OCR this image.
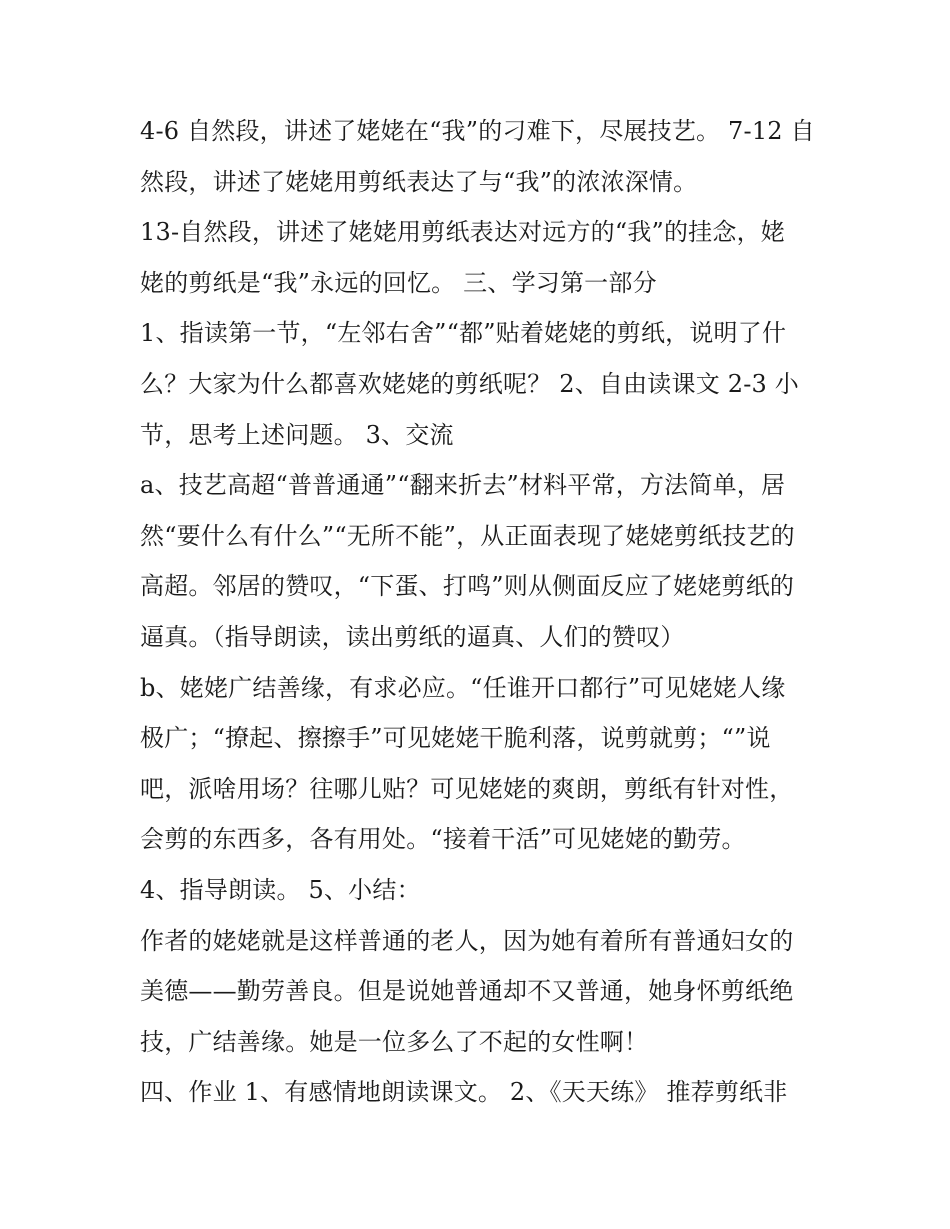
4-6 自然段，讲述了姥姥在“我”的刁难下，尽展技艺。 7-12 自
然段，讲述了姥姥用剪纸表达了与“我”的浓浓深情。
13-自然段，讲述了姥姥用剪纸表达对远方的“我”的挂念，姥
姥的剪纸是“我”永远的回忆。 三、学习第一部分
1、指读第一节，“左邻右舍”“都”贴着姥姥的剪纸，说明了什
么？大家为什么都喜欢姥姥的剪纸呢？ 2、自由读课文 2-3 小
节，思考上述问题。 3、交流
a、技艺高超“普普通通”“翻来折去”材料平常，方法简单，居
然“要什么有什么”“无所不能”，从正面表现了姥姥剪纸技艺的
高超。邻居的赞叹，“下蛋、打鸣”则从侧面反应了姥姥剪纸的
逼真。（指导朗读，读出剪纸的逼真、人们的赞叹）
b、姥姥广结善缘，有求必应。“任谁开口都行”可见姥姥人缘
极广；“撩起、擦擦手”可见姥姥干脆利落，说剪就剪；“”说
吧，派啥用场？往哪儿贴？可见姥姥的爽朗，剪纸有针对性，
会剪的东西多，各有用处。“接着干活”可见姥姥的勤劳。
4、指导朗读。 5、小结：
作者的姥姥就是这样普通的老人，因为她有着所有普通妇女的
美德——勤劳善良。但是说她普通却不又普通，她身怀剪纸绝
技，广结善缘。她是一位多么了不起的女性啊！
四、作业 1、有感情地朗读课文。 2、《天天练》 推荐剪纸非
